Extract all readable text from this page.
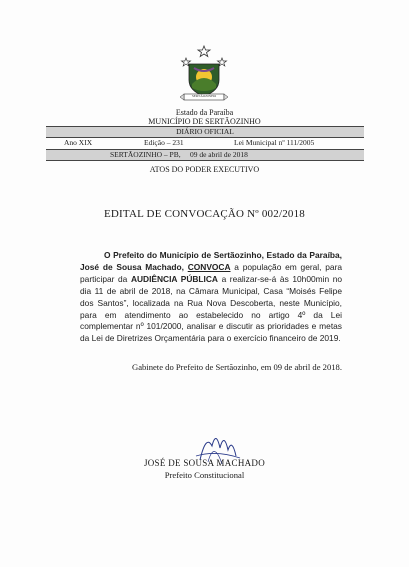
SERTÃOZINHO
Estado da Paraíba
MUNICÍPIO DE SERTÃOZINHO
DIÁRIO OFICIAL
Ano XIX	Edição – 231	Lei Municipal nº 111/2005
SERTÃOZINHO – PB,     09 de abril de 2018
ATOS DO PODER EXECUTIVO
EDITAL DE CONVOCAÇÃO Nº 002/2018
O Prefeito do Município de Sertãozinho, Estado da Paraíba, José de Sousa Machado, CONVOCA a população em geral, para participar da AUDIÊNCIA PÚBLICA a realizar-se-á às 10h00min no dia 11 de abril de 2018, na Câmara Municipal, Casa “Moisés Felipe dos Santos”, localizada na Rua Nova Descoberta, neste Município, para em atendimento ao estabelecido no artigo 4º da Lei complementar nº 101/2000, analisar e discutir as prioridades e metas da Lei de Diretrizes Orçamentária para o exercício financeiro de 2019.
Gabinete do Prefeito de Sertãozinho, em 09 de abril de 2018.
JOSÉ DE SOUSA MACHADO
Prefeito Constitucional
